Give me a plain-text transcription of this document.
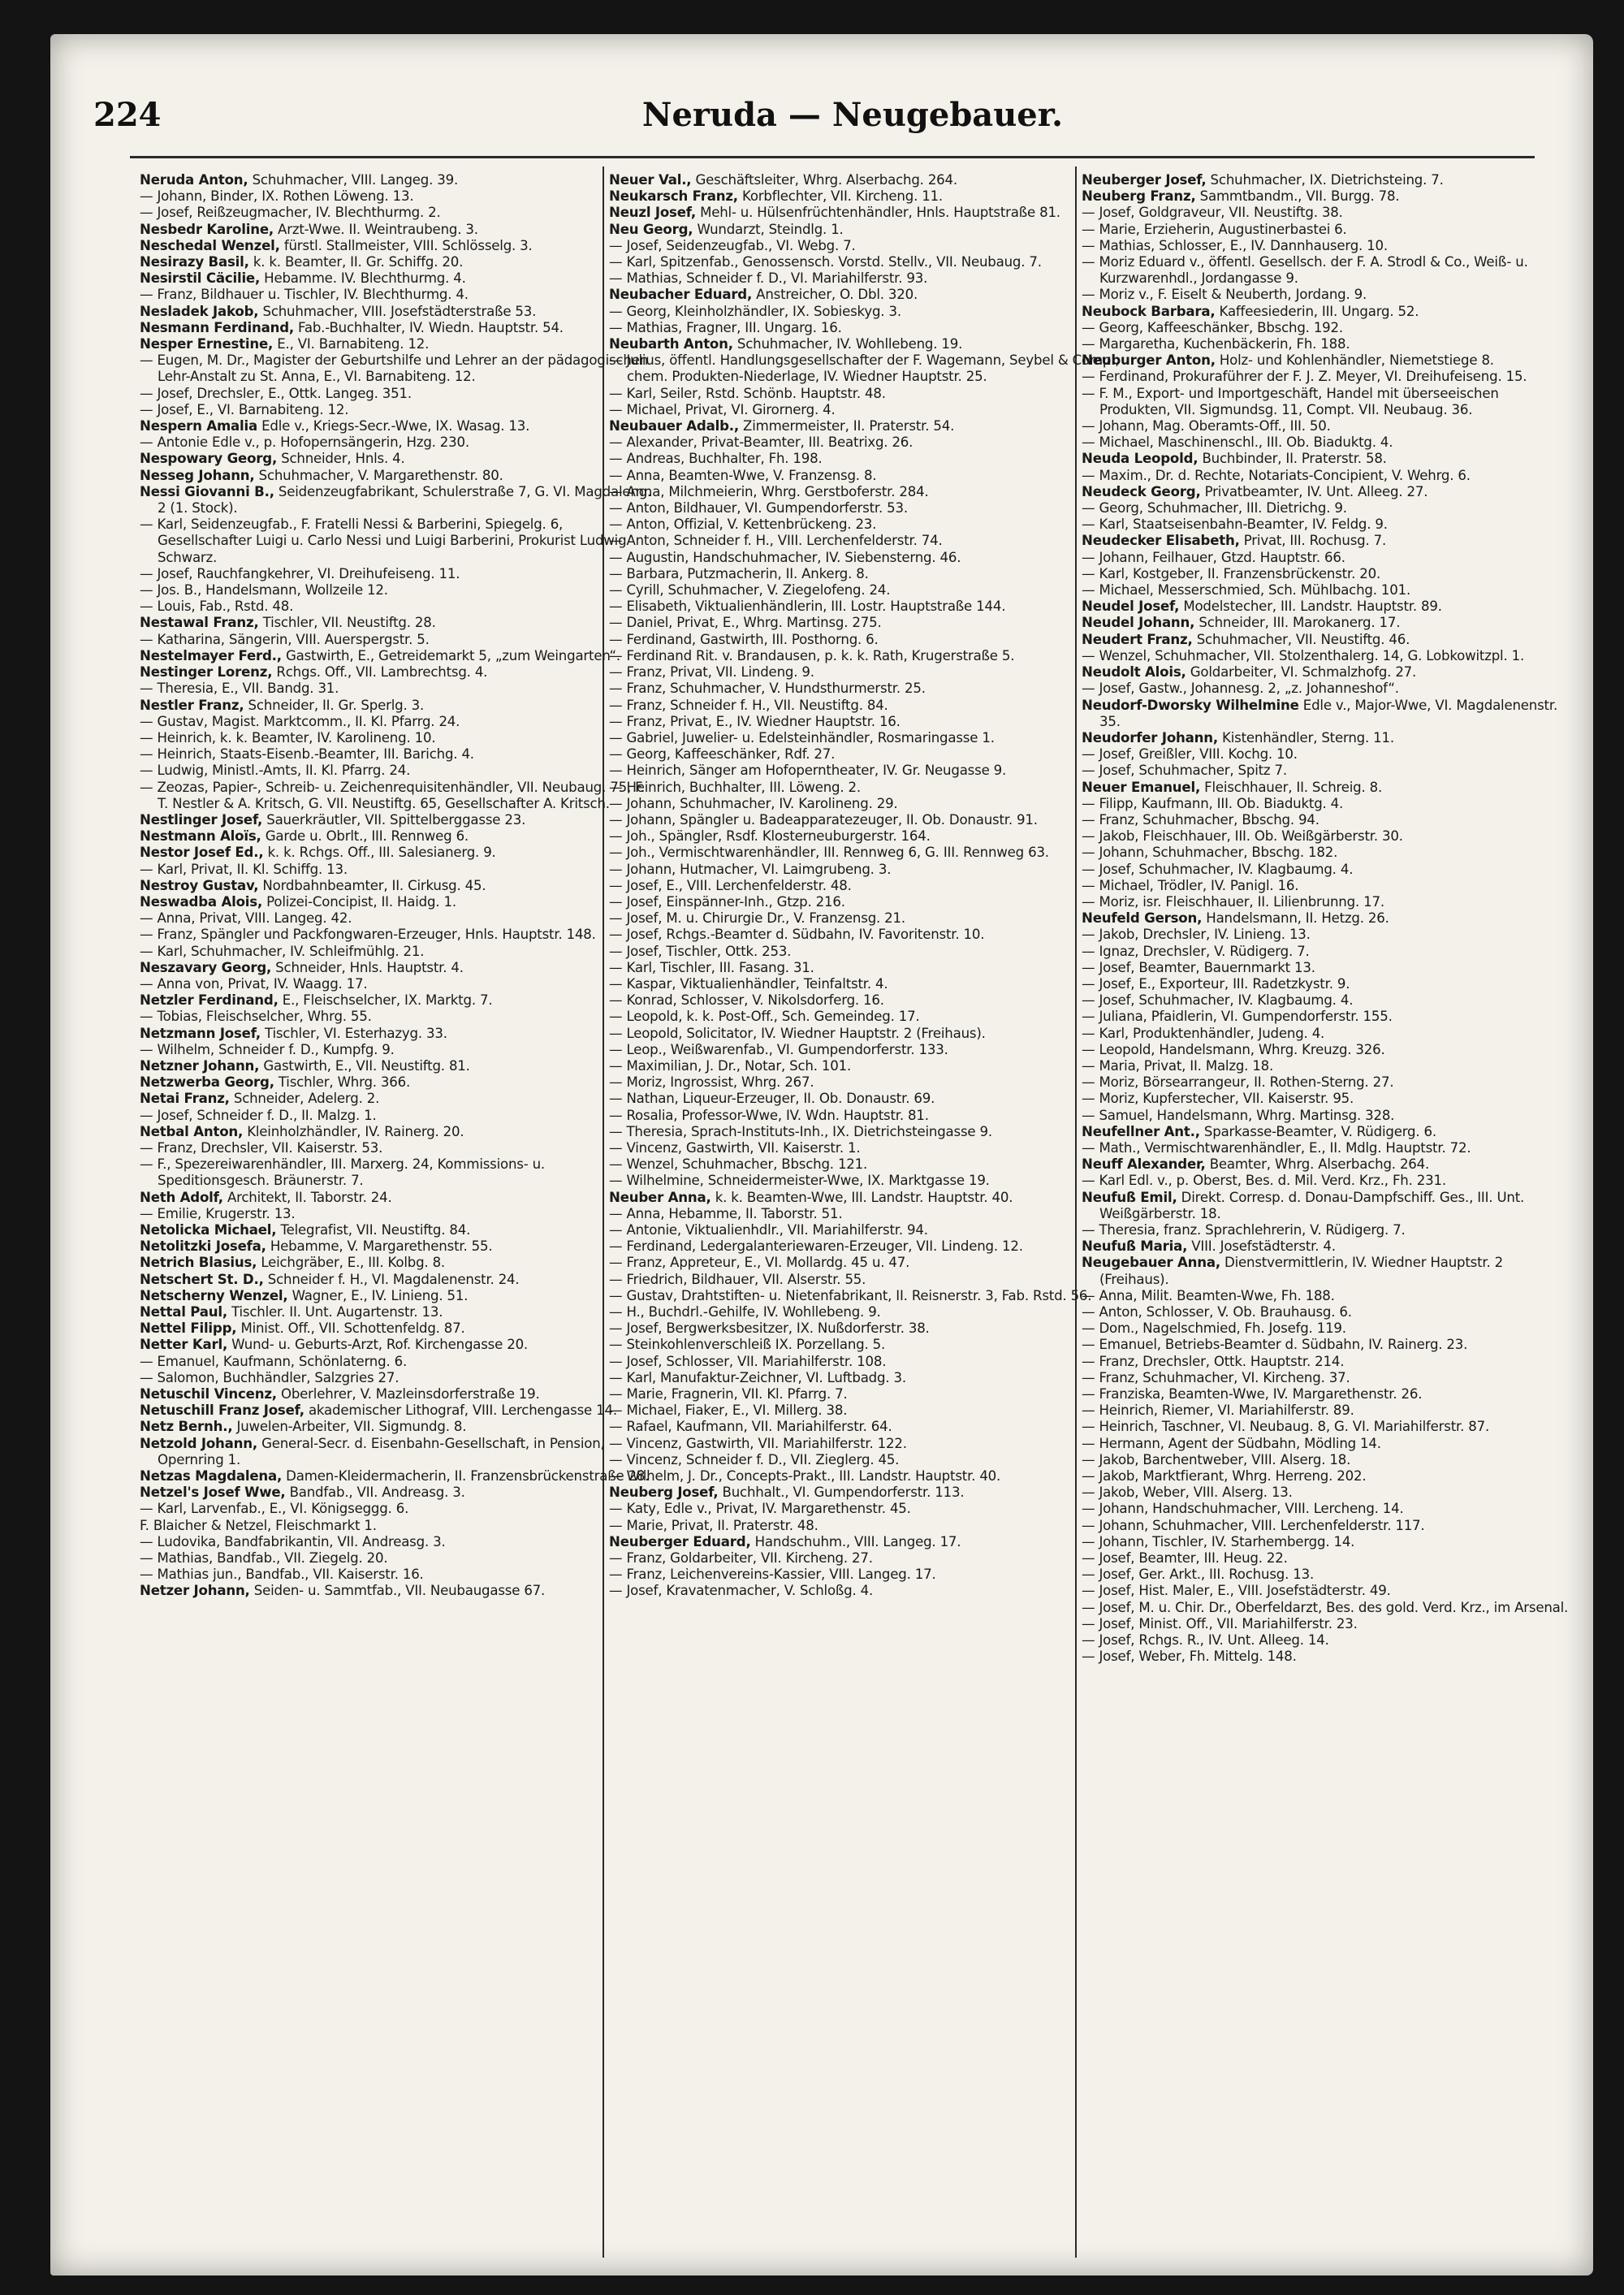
224	Neruda — Neugebauer.

Neruda Anton, Schuhmacher, VIII. Langeg. 39.

— Johann, Binder, IX. Rothen Löweng. 13.

— Josef, Reißzeugmacher, IV. Blechthurmg. 2.

Nesbedr Karoline, Arzt-Wwe. II. Weintraubeng. 3.

Neschedal Wenzel, fürstl. Stallmeister, VIII. Schlösselg. 3.

Nesirazy Basil, k. k. Beamter, II. Gr. Schiffg. 20.

Nesirstil Cäcilie, Hebamme. IV. Blechthurmg. 4.

— Franz, Bildhauer u. Tischler, IV. Blechthurmg. 4.

Nesladek Jakob, Schuhmacher, VIII. Josefstädterstraße 53.

Nesmann Ferdinand, Fab.-Buchhalter, IV. Wiedn. Hauptstr. 54.

Nesper Ernestine, E., VI. Barnabiteng. 12.

— Eugen, M. Dr., Magister der Geburtshilfe und Lehrer an der pädagogischen Lehr-Anstalt zu St. Anna, E., VI. Barnabiteng. 12.

— Josef, Drechsler, E., Ottk. Langeg. 351.

— Josef, E., VI. Barnabiteng. 12.

Nespern Amalia Edle v., Kriegs-Secr.-Wwe, IX. Wasag. 13.

— Antonie Edle v., p. Hofopernsängerin, Hzg. 230.

Nespowary Georg, Schneider, Hnls. 4.

Nesseg Johann, Schuhmacher, V. Margarethenstr. 80.

Nessi Giovanni B., Seidenzeugfabrikant, Schulerstraße 7, G. VI. Magdaleng. 2 (1. Stock).

— Karl, Seidenzeugfab., F. Fratelli Nessi & Barberini, Spiegelg. 6, Gesellschafter Luigi u. Carlo Nessi und Luigi Barberini, Prokurist Ludwig Schwarz.

— Josef, Rauchfangkehrer, VI. Dreihufeiseng. 11.

— Jos. B., Handelsmann, Wollzeile 12.

— Louis, Fab., Rstd. 48.

Nestawal Franz, Tischler, VII. Neustiftg. 28.

— Katharina, Sängerin, VIII. Auerspergstr. 5.

Nestelmayer Ferd., Gastwirth, E., Getreidemarkt 5, „zum Weingarten“.

Nestinger Lorenz, Rchgs. Off., VII. Lambrechtsg. 4.

— Theresia, E., VII. Bandg. 31.

Nestler Franz, Schneider, II. Gr. Sperlg. 3.

— Gustav, Magist. Marktcomm., II. Kl. Pfarrg. 24.

— Heinrich, k. k. Beamter, IV. Karolineng. 10.

— Heinrich, Staats-Eisenb.-Beamter, III. Barichg. 4.

— Ludwig, Ministl.-Amts, II. Kl. Pfarrg. 24.

— Zeozas, Papier-, Schreib- u. Zeichenrequisitenhändler, VII. Neubaug. 75, F. T. Nestler & A. Kritsch, G. VII. Neustiftg. 65, Gesellschafter A. Kritsch.

Nestlinger Josef, Sauerkräutler, VII. Spittelberggasse 23.

Nestmann Aloïs, Garde u. Obrlt., III. Rennweg 6.

Nestor Josef Ed., k. k. Rchgs. Off., III. Salesianerg. 9.

— Karl, Privat, II. Kl. Schiffg. 13.

Nestroy Gustav, Nordbahnbeamter, II. Cirkusg. 45.

Neswadba Alois, Polizei-Concipist, II. Haidg. 1.

— Anna, Privat, VIII. Langeg. 42.

— Franz, Spängler und Packfongwaren-Erzeuger, Hnls. Hauptstr. 148.

— Karl, Schuhmacher, IV. Schleifmühlg. 21.

Neszavary Georg, Schneider, Hnls. Hauptstr. 4.

— Anna von, Privat, IV. Waagg. 17.

Netzler Ferdinand, E., Fleischselcher, IX. Marktg. 7.

— Tobias, Fleischselcher, Whrg. 55.

Netzmann Josef, Tischler, VI. Esterhazyg. 33.

— Wilhelm, Schneider f. D., Kumpfg. 9.

Netzner Johann, Gastwirth, E., VII. Neustiftg. 81.

Netzwerba Georg, Tischler, Whrg. 366.

Netai Franz, Schneider, Adelerg. 2.

— Josef, Schneider f. D., II. Malzg. 1.

Netbal Anton, Kleinholzhändler, IV. Rainerg. 20.

— Franz, Drechsler, VII. Kaiserstr. 53.

— F., Spezereiwarenhändler, III. Marxerg. 24, Kommissions- u. Speditionsgesch. Bräunerstr. 7.

Neth Adolf, Architekt, II. Taborstr. 24.

— Emilie, Krugerstr. 13.

Netolicka Michael, Telegrafist, VII. Neustiftg. 84.

Netolitzki Josefa, Hebamme, V. Margarethenstr. 55.

Netrich Blasius, Leichgräber, E., III. Kolbg. 8.

Netschert St. D., Schneider f. H., VI. Magdalenenstr. 24.

Netscherny Wenzel, Wagner, E., IV. Linieng. 51.

Nettal Paul, Tischler. II. Unt. Augartenstr. 13.

Nettel Filipp, Minist. Off., VII. Schottenfeldg. 87.

Netter Karl, Wund- u. Geburts-Arzt, Rof. Kirchengasse 20.

— Emanuel, Kaufmann, Schönlaterng. 6.

— Salomon, Buchhändler, Salzgries 27.

Netuschil Vincenz, Oberlehrer, V. Mazleinsdorferstraße 19.

Netuschill Franz Josef, akademischer Lithograf, VIII. Lerchengasse 14.

Netz Bernh., Juwelen-Arbeiter, VII. Sigmundg. 8.

Netzold Johann, General-Secr. d. Eisenbahn-Gesellschaft, in Pension, Opernring 1.

Netzas Magdalena, Damen-Kleidermacherin, II. Franzensbrückenstraße 28.

Netzel's Josef Wwe, Bandfab., VII. Andreasg. 3.

— Karl, Larvenfab., E., VI. Königseggg. 6.

F. Blaicher & Netzel, Fleischmarkt 1.

— Ludovika, Bandfabrikantin, VII. Andreasg. 3.

— Mathias, Bandfab., VII. Ziegelg. 20.

— Mathias jun., Bandfab., VII. Kaiserstr. 16.

Netzer Johann, Seiden- u. Sammtfab., VII. Neubaugasse 67.

Neuer Val., Geschäftsleiter, Whrg. Alserbachg. 264.

Neukarsch Franz, Korbflechter, VII. Kircheng. 11.

Neuzl Josef, Mehl- u. Hülsenfrüchtenhändler, Hnls. Hauptstraße 81.

Neu Georg, Wundarzt, Steindlg. 1.

— Josef, Seidenzeugfab., VI. Webg. 7.

— Karl, Spitzenfab., Genossensch. Vorstd. Stellv., VII. Neubaug. 7.

— Mathias, Schneider f. D., VI. Mariahilferstr. 93.

Neubacher Eduard, Anstreicher, O. Dbl. 320.

— Georg, Kleinholzhändler, IX. Sobieskyg. 3.

— Mathias, Fragner, III. Ungarg. 16.

Neubarth Anton, Schuhmacher, IV. Wohllebeng. 19.

— Julius, öffentl. Handlungsgesellschafter der F. Wagemann, Seybel & Comp., chem. Produkten-Niederlage, IV. Wiedner Hauptstr. 25.

— Karl, Seiler, Rstd. Schönb. Hauptstr. 48.

— Michael, Privat, VI. Girornerg. 4.

Neubauer Adalb., Zimmermeister, II. Praterstr. 54.

— Alexander, Privat-Beamter, III. Beatrixg. 26.

— Andreas, Buchhalter, Fh. 198.

— Anna, Beamten-Wwe, V. Franzensg. 8.

— Anna, Milchmeierin, Whrg. Gerstboferstr. 284.

— Anton, Bildhauer, VI. Gumpendorferstr. 53.

— Anton, Offizial, V. Kettenbrückeng. 23.

— Anton, Schneider f. H., VIII. Lerchenfelderstr. 74.

— Augustin, Handschuhmacher, IV. Siebensterng. 46.

— Barbara, Putzmacherin, II. Ankerg. 8.

— Cyrill, Schuhmacher, V. Ziegelofeng. 24.

— Elisabeth, Viktualienhändlerin, III. Lostr. Hauptstraße 144.

— Daniel, Privat, E., Whrg. Martinsg. 275.

— Ferdinand, Gastwirth, III. Posthorng. 6.

— Ferdinand Rit. v. Brandausen, p. k. k. Rath, Krugerstraße 5.

— Franz, Privat, VII. Lindeng. 9.

— Franz, Schuhmacher, V. Hundsthurmerstr. 25.

— Franz, Schneider f. H., VII. Neustiftg. 84.

— Franz, Privat, E., IV. Wiedner Hauptstr. 16.

— Gabriel, Juwelier- u. Edelsteinhändler, Rosmaringasse 1.

— Georg, Kaffeeschänker, Rdf. 27.

— Heinrich, Sänger am Hofoperntheater, IV. Gr. Neugasse 9.

— Heinrich, Buchhalter, III. Löweng. 2.

— Johann, Schuhmacher, IV. Karolineng. 29.

— Johann, Spängler u. Badeapparatezeuger, II. Ob. Donaustr. 91.

— Joh., Spängler, Rsdf. Klosterneuburgerstr. 164.

— Joh., Vermischtwarenhändler, III. Rennweg 6, G. III. Rennweg 63.

— Johann, Hutmacher, VI. Laimgrubeng. 3.

— Josef, E., VIII. Lerchenfelderstr. 48.

— Josef, Einspänner-Inh., Gtzp. 216.

— Josef, M. u. Chirurgie Dr., V. Franzensg. 21.

— Josef, Rchgs.-Beamter d. Südbahn, IV. Favoritenstr. 10.

— Josef, Tischler, Ottk. 253.

— Karl, Tischler, III. Fasang. 31.

— Kaspar, Viktualienhändler, Teinfaltstr. 4.

— Konrad, Schlosser, V. Nikolsdorferg. 16.

— Leopold, k. k. Post-Off., Sch. Gemeindeg. 17.

— Leopold, Solicitator, IV. Wiedner Hauptstr. 2 (Freihaus).

— Leop., Weißwarenfab., VI. Gumpendorferstr. 133.

— Maximilian, J. Dr., Notar, Sch. 101.

— Moriz, Ingrossist, Whrg. 267.

— Nathan, Liqueur-Erzeuger, II. Ob. Donaustr. 69.

— Rosalia, Professor-Wwe, IV. Wdn. Hauptstr. 81.

— Theresia, Sprach-Instituts-Inh., IX. Dietrichsteingasse 9.

— Vincenz, Gastwirth, VII. Kaiserstr. 1.

— Wenzel, Schuhmacher, Bbschg. 121.

— Wilhelmine, Schneidermeister-Wwe, IX. Marktgasse 19.

Neuber Anna, k. k. Beamten-Wwe, III. Landstr. Hauptstr. 40.

— Anna, Hebamme, II. Taborstr. 51.

— Antonie, Viktualienhdlr., VII. Mariahilferstr. 94.

— Ferdinand, Ledergalanteriewaren-Erzeuger, VII. Lindeng. 12.

— Franz, Appreteur, E., VI. Mollardg. 45 u. 47.

— Friedrich, Bildhauer, VII. Alserstr. 55.

— Gustav, Drahtstiften- u. Nietenfabrikant, II. Reisnerstr. 3, Fab. Rstd. 56.

— H., Buchdrl.-Gehilfe, IV. Wohllebeng. 9.

— Josef, Bergwerksbesitzer, IX. Nußdorferstr. 38.

— Steinkohlenverschleiß IX. Porzellang. 5.

— Josef, Schlosser, VII. Mariahilferstr. 108.

— Karl, Manufaktur-Zeichner, VI. Luftbadg. 3.

— Marie, Fragnerin, VII. Kl. Pfarrg. 7.

— Michael, Fiaker, E., VI. Millerg. 38.

— Rafael, Kaufmann, VII. Mariahilferstr. 64.

— Vincenz, Gastwirth, VII. Mariahilferstr. 122.

— Vincenz, Schneider f. D., VII. Zieglerg. 45.

— Wilhelm, J. Dr., Concepts-Prakt., III. Landstr. Hauptstr. 40.

Neuberg Josef, Buchhalt., VI. Gumpendorferstr. 113.

— Katy, Edle v., Privat, IV. Margarethenstr. 45.

— Marie, Privat, II. Praterstr. 48.

Neuberger Eduard, Handschuhm., VIII. Langeg. 17.

— Franz, Goldarbeiter, VII. Kircheng. 27.

— Franz, Leichenvereins-Kassier, VIII. Langeg. 17.

— Josef, Kravatenmacher, V. Schloßg. 4.

Neuberger Josef, Schuhmacher, IX. Dietrichsteing. 7.

Neuberg Franz, Sammtbandm., VII. Burgg. 78.

— Josef, Goldgraveur, VII. Neustiftg. 38.

— Marie, Erzieherin, Augustinerbastei 6.

— Mathias, Schlosser, E., IV. Dannhauserg. 10.

— Moriz Eduard v., öffentl. Gesellsch. der F. A. Strodl & Co., Weiß- u. Kurzwarenhdl., Jordangasse 9.

— Moriz v., F. Eiselt & Neuberth, Jordang. 9.

Neubock Barbara, Kaffeesiederin, III. Ungarg. 52.

— Georg, Kaffeeschänker, Bbschg. 192.

— Margaretha, Kuchenbäckerin, Fh. 188.

Neuburger Anton, Holz- und Kohlenhändler, Niemetstiege 8.

— Ferdinand, Prokuraführer der F. J. Z. Meyer, VI. Dreihufeiseng. 15.

— F. M., Export- und Importgeschäft, Handel mit überseeischen Produkten, VII. Sigmundsg. 11, Compt. VII. Neubaug. 36.

— Johann, Mag. Oberamts-Off., III. 50.

— Michael, Maschinenschl., III. Ob. Biaduktg. 4.

Neuda Leopold, Buchbinder, II. Praterstr. 58.

— Maxim., Dr. d. Rechte, Notariats-Concipient, V. Wehrg. 6.

Neudeck Georg, Privatbeamter, IV. Unt. Alleeg. 27.

— Georg, Schuhmacher, III. Dietrichg. 9.

— Karl, Staatseisenbahn-Beamter, IV. Feldg. 9.

Neudecker Elisabeth, Privat, III. Rochusg. 7.

— Johann, Feilhauer, Gtzd. Hauptstr. 66.

— Karl, Kostgeber, II. Franzensbrückenstr. 20.

— Michael, Messerschmied, Sch. Mühlbachg. 101.

Neudel Josef, Modelstecher, III. Landstr. Hauptstr. 89.

Neudel Johann, Schneider, III. Marokanerg. 17.

Neudert Franz, Schuhmacher, VII. Neustiftg. 46.

— Wenzel, Schuhmacher, VII. Stolzenthalerg. 14, G. Lobkowitzpl. 1.

Neudolt Alois, Goldarbeiter, VI. Schmalzhofg. 27.

— Josef, Gastw., Johannesg. 2, „z. Johanneshof“.

Neudorf-Dworsky Wilhelmine Edle v., Major-Wwe, VI. Magdalenenstr. 35.

Neudorfer Johann, Kistenhändler, Sterng. 11.

— Josef, Greißler, VIII. Kochg. 10.

— Josef, Schuhmacher, Spitz 7.

Neuer Emanuel, Fleischhauer, II. Schreig. 8.

— Filipp, Kaufmann, III. Ob. Biaduktg. 4.

— Franz, Schuhmacher, Bbschg. 94.

— Jakob, Fleischhauer, III. Ob. Weißgärberstr. 30.

— Johann, Schuhmacher, Bbschg. 182.

— Josef, Schuhmacher, IV. Klagbaumg. 4.

— Michael, Trödler, IV. Panigl. 16.

— Moriz, isr. Fleischhauer, II. Lilienbrunng. 17.

Neufeld Gerson, Handelsmann, II. Hetzg. 26.

— Jakob, Drechsler, IV. Linieng. 13.

— Ignaz, Drechsler, V. Rüdigerg. 7.

— Josef, Beamter, Bauernmarkt 13.

— Josef, E., Exporteur, III. Radetzkystr. 9.

— Josef, Schuhmacher, IV. Klagbaumg. 4.

— Juliana, Pfaidlerin, VI. Gumpendorferstr. 155.

— Karl, Produktenhändler, Judeng. 4.

— Leopold, Handelsmann, Whrg. Kreuzg. 326.

— Maria, Privat, II. Malzg. 18.

— Moriz, Börsearrangeur, II. Rothen-Sterng. 27.

— Moriz, Kupferstecher, VII. Kaiserstr. 95.

— Samuel, Handelsmann, Whrg. Martinsg. 328.

Neufellner Ant., Sparkasse-Beamter, V. Rüdigerg. 6.

— Math., Vermischtwarenhändler, E., II. Mdlg. Hauptstr. 72.

Neuff Alexander, Beamter, Whrg. Alserbachg. 264.

— Karl Edl. v., p. Oberst, Bes. d. Mil. Verd. Krz., Fh. 231.

Neufuß Emil, Direkt. Corresp. d. Donau-Dampfschiff. Ges., III. Unt. Weißgärberstr. 18.

— Theresia, franz. Sprachlehrerin, V. Rüdigerg. 7.

Neufuß Maria, VIII. Josefstädterstr. 4.

Neugebauer Anna, Dienstvermittlerin, IV. Wiedner Hauptstr. 2 (Freihaus).

— Anna, Milit. Beamten-Wwe, Fh. 188.

— Anton, Schlosser, V. Ob. Brauhausg. 6.

— Dom., Nagelschmied, Fh. Josefg. 119.

— Emanuel, Betriebs-Beamter d. Südbahn, IV. Rainerg. 23.

— Franz, Drechsler, Ottk. Hauptstr. 214.

— Franz, Schuhmacher, VI. Kircheng. 37.

— Franziska, Beamten-Wwe, IV. Margarethenstr. 26.

— Heinrich, Riemer, VI. Mariahilferstr. 89.

— Heinrich, Taschner, VI. Neubaug. 8, G. VI. Mariahilferstr. 87.

— Hermann, Agent der Südbahn, Mödling 14.

— Jakob, Barchentweber, VIII. Alserg. 18.

— Jakob, Marktfierant, Whrg. Herreng. 202.

— Jakob, Weber, VIII. Alserg. 13.

— Johann, Handschuhmacher, VIII. Lercheng. 14.

— Johann, Schuhmacher, VIII. Lerchenfelderstr. 117.

— Johann, Tischler, IV. Starhembergg. 14.

— Josef, Beamter, III. Heug. 22.

— Josef, Ger. Arkt., III. Rochusg. 13.

— Josef, Hist. Maler, E., VIII. Josefstädterstr. 49.

— Josef, M. u. Chir. Dr., Oberfeldarzt, Bes. des gold. Verd. Krz., im Arsenal.

— Josef, Minist. Off., VII. Mariahilferstr. 23.

— Josef, Rchgs. R., IV. Unt. Alleeg. 14.

— Josef, Weber, Fh. Mittelg. 148.
